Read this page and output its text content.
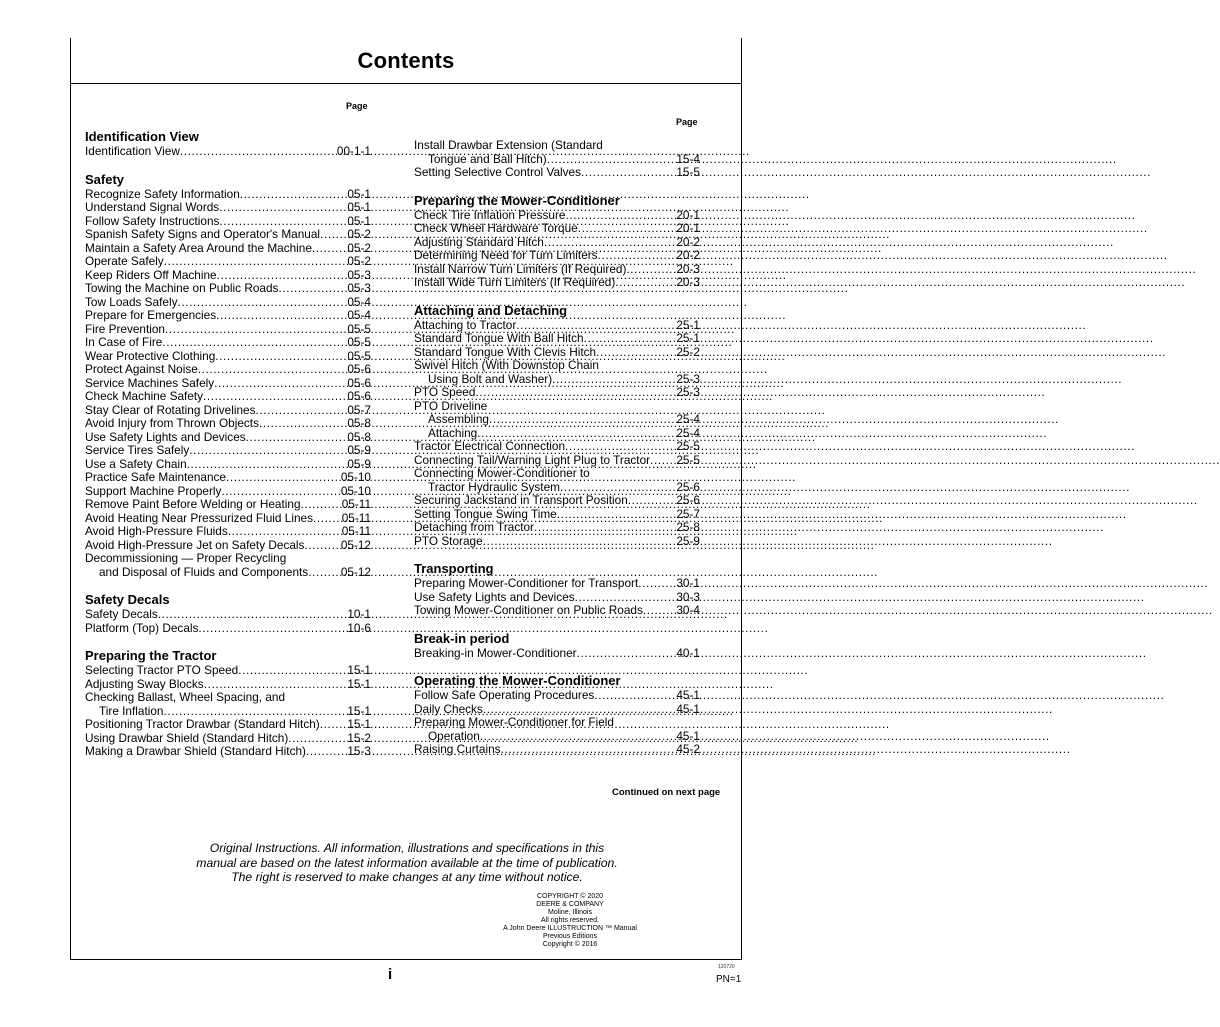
Contents
Page
Page
Identification View
Identification View .....	00-1-1
Safety
Recognize Safety Information .....	05-1
Understand Signal Words .....	05-1
Follow Safety Instructions .....	05-1
Spanish Safety Signs and Operator's Manual ..... 05-2
Maintain a Safety Area Around the Machine .....	05-2
Operate Safely .....	05-2
Keep Riders Off Machine .....	05-3
Towing the Machine on Public Roads .....	05-3
Tow Loads Safely .....	05-4
Prepare for Emergencies .....	05-4
Fire Prevention .....	05-5
In Case of Fire .....	05-5
Wear Protective Clothing .....	05-5
Protect Against Noise .....	05-6
Service Machines Safely .....	05-6
Check Machine Safety .....	05-6
Stay Clear of Rotating Drivelines .....	05-7
Avoid Injury from Thrown Objects .....	05-8
Use Safety Lights and Devices .....	05-8
Service Tires Safely .....	05-9
Use a Safety Chain .....	05-9
Practice Safe Maintenance .....	05-10
Support Machine Properly .....	05-10
Remove Paint Before Welding or Heating .....	05-11
Avoid Heating Near Pressurized Fluid Lines ..... 05-11
Avoid High-Pressure Fluids .....	05-11
Avoid High-Pressure Jet on Safety Decals .....	05-12
Decommissioning — Proper Recycling
and Disposal of Fluids and Components .....	05-12
Safety Decals
Safety Decals .....	10-1
Platform (Top) Decals .....	10-6
Preparing the Tractor
Selecting Tractor PTO Speed .....	15-1
Adjusting Sway Blocks .....	15-1
Checking Ballast, Wheel Spacing, and
Tire Inflation .....	15-1
Positioning Tractor Drawbar (Standard Hitch) ..... 15-1
Using Drawbar Shield (Standard Hitch) .....	15-2
Making a Drawbar Shield (Standard Hitch) .....	15-3
Install Drawbar Extension (Standard
Tongue and Ball Hitch) .....	15-4
Setting Selective Control Valves .....	15-5
Preparing the Mower-Conditioner
Check Tire Inflation Pressure .....	20-1
Check Wheel Hardware Torque .....	20-1
Adjusting Standard Hitch .....	20-2
Determining Need for Turn Limiters .....	20-2
Install Narrow Turn Limiters (If Required) .....	20-3
Install Wide Turn Limiters (If Required) .....	20-3
Attaching and Detaching
Attaching to Tractor .....	25-1
Standard Tongue With Ball Hitch .....	25-1
Standard Tongue With Clevis Hitch .....	25-2
Swivel Hitch (With Downstop Chain
Using Bolt and Washer) .....	25-3
PTO Speed .....	25-3
PTO Driveline
Assembling .....	25-4
Attaching .....	25-4
Tractor Electrical Connection .....	25-5
Connecting Tail/Warning Light Plug to Tractor ..... 25-5
Connecting Mower-Conditioner to
Tractor Hydraulic System .....	25-6
Securing Jackstand in Transport Position .....	25-6
Setting Tongue Swing Time .....	25-7
Detaching from Tractor .....	25-8
PTO Storage .....	25-9
Transporting
Preparing Mower-Conditioner for Transport .....	30-1
Use Safety Lights and Devices .....	30-3
Towing Mower-Conditioner on Public Roads .....	30-4
Break-in period
Breaking-in Mower-Conditioner .....	40-1
Operating the Mower-Conditioner
Follow Safe Operating Procedures .....	45-1
Daily Checks .....	45-1
Preparing Mower-Conditioner for Field
Operation .....	45-1
Raising Curtains .....	45-2
Continued on next page
Original Instructions. All information, illustrations and specifications in this
manual are based on the latest information available at the time of publication.
The right is reserved to make changes at any time without notice.
COPYRIGHT © 2020
DEERE & COMPANY
Moline, Illinois
All rights reserved.
A John Deere ILLUSTRUCTION ™ Manual
Previous Editions
Copyright © 2016
120720
i	PN=1
